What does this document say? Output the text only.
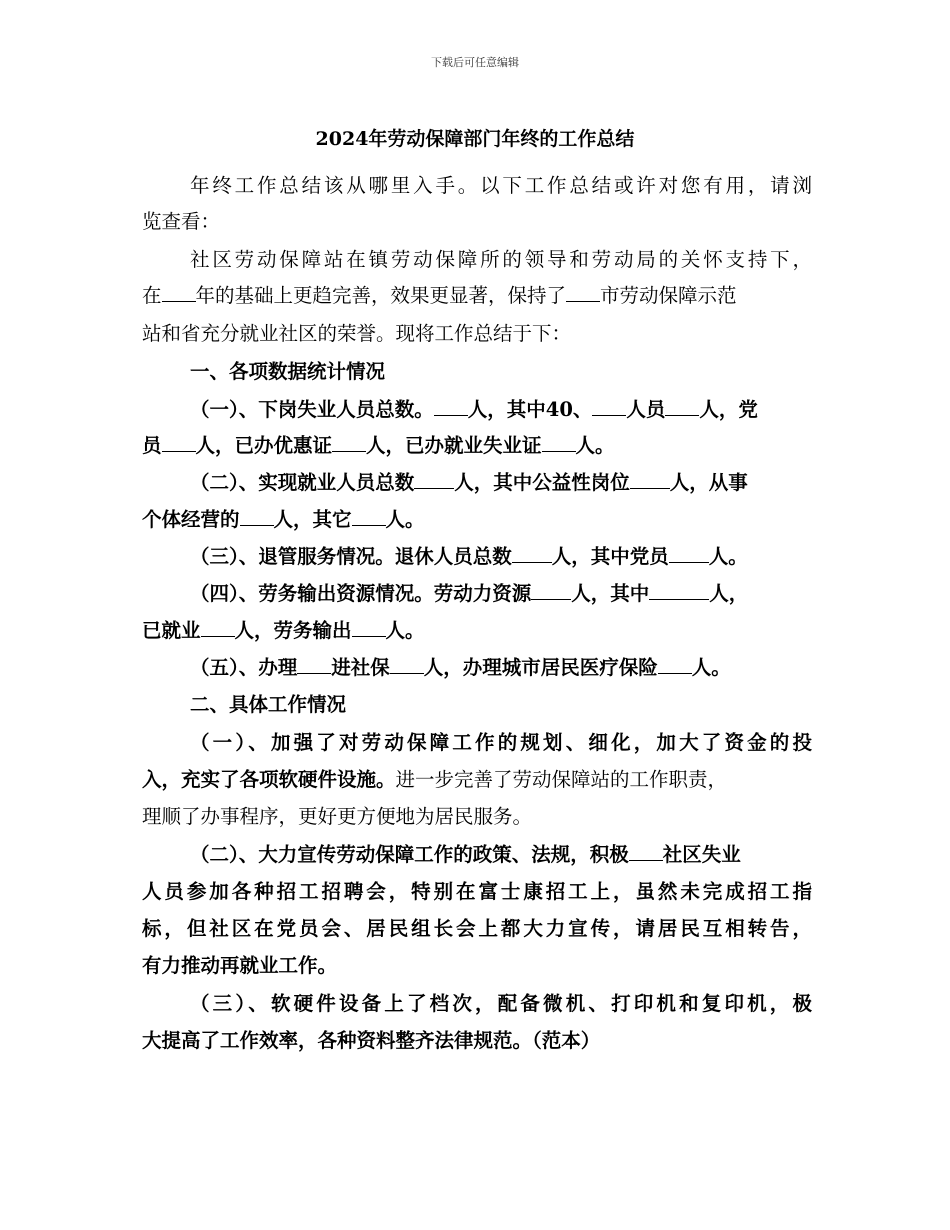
下载后可任意编辑
2024年劳动保障部门年终的工作总结
年终工作总结该从哪里入手。以下工作总结或许对您有用，请浏
览查看：
社区劳动保障站在镇劳动保障所的领导和劳动局的关怀支持下，
在 年的基础上更趋完善，效果更显著，保持了 市劳动保障示范
站和省充分就业社区的荣誉。现将工作总结于下：
一、各项数据统计情况
（一）、下岗失业人员总数。 人，其中40、 人员 人，党
员 人，已办优惠证 人，已办就业失业证 人。
（二）、实现就业人员总数 人，其中公益性岗位 人，从事
个体经营的 人，其它 人。
（三）、退管服务情况。退休人员总数 人，其中党员 人。
（四）、劳务输出资源情况。劳动力资源 人，其中	人，
已就业 人，劳务输出 人。
（五）、办理 进社保 人，办理城市居民医疗保险 人。
二、具体工作情况
（一）、加强了对劳动保障工作的规划、细化，加大了资金的投
入，充实了各项软硬件设施。进一步完善了劳动保障站的工作职责，
理顺了办事程序，更好更方便地为居民服务。
（二）、大力宣传劳动保障工作的政策、法规，积极 社区失业
人员参加各种招工招聘会，特别在富士康招工上，虽然未完成招工指
标，但社区在党员会、居民组长会上都大力宣传，请居民互相转告，
有力推动再就业工作。
（三）、软硬件设备上了档次，配备微机、打印机和复印机，极
大提高了工作效率，各种资料整齐法律规范。（范本）
